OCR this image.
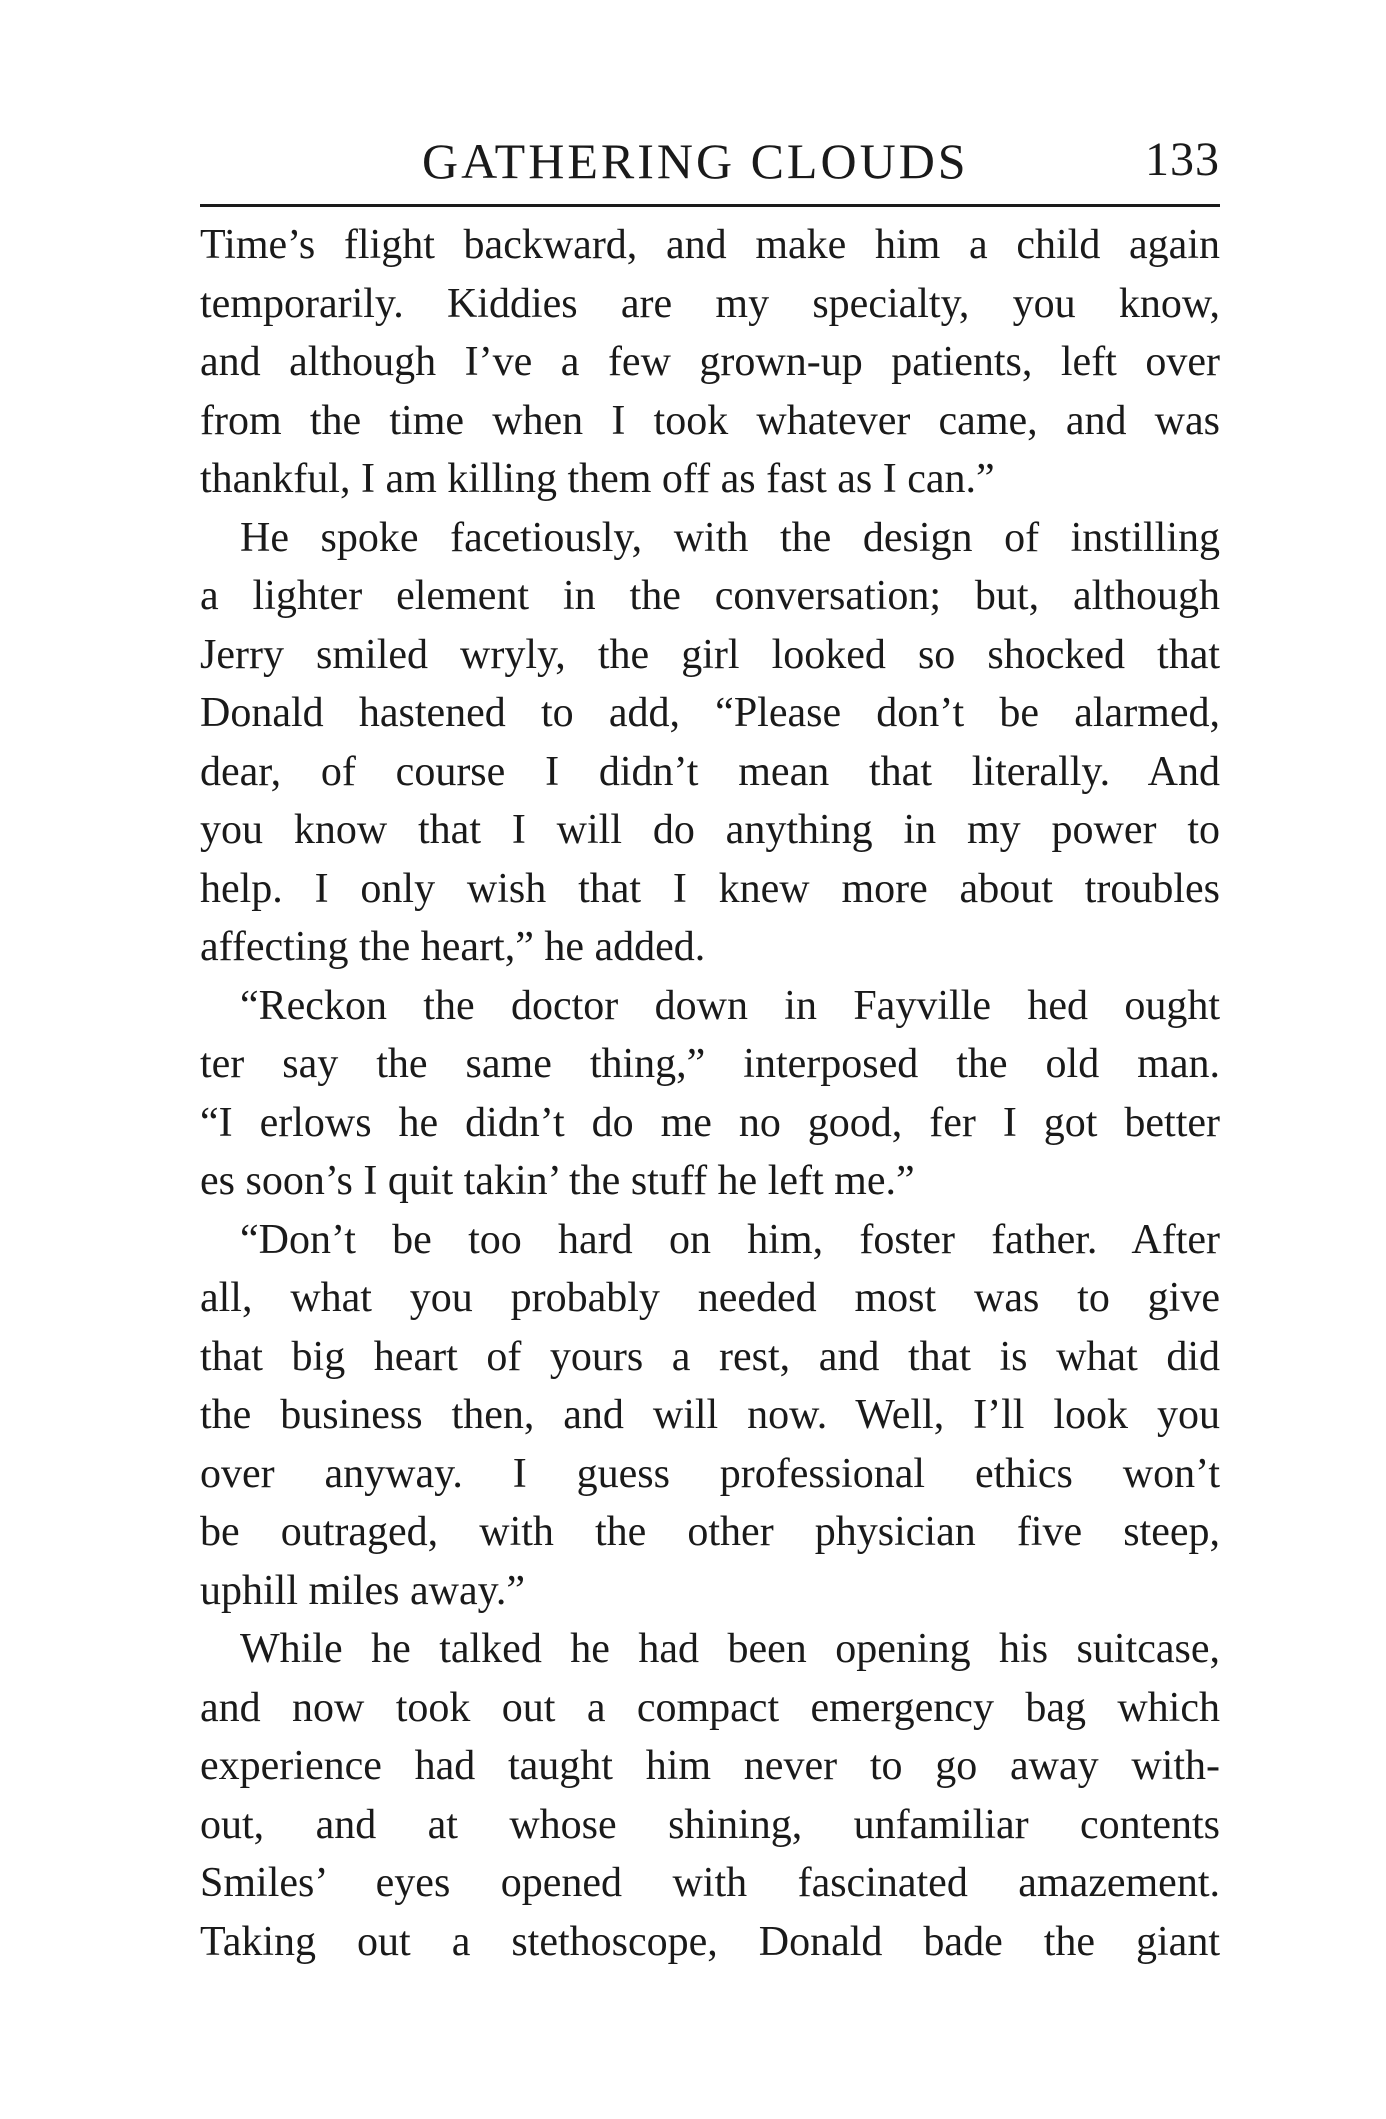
GATHERING CLOUDS	133

Time’s flight backward, and make him a child again
temporarily. Kiddies are my specialty, you know,
and although I’ve a few grown-up patients, left over
from the time when I took whatever came, and was
thankful, I am killing them off as fast as I can.”

He spoke facetiously, with the design of instilling
a lighter element in the conversation; but, although
Jerry smiled wryly, the girl looked so shocked that
Donald hastened to add, “Please don’t be alarmed,
dear, of course I didn’t mean that literally. And
you know that I will do anything in my power to
help. I only wish that I knew more about troubles
affecting the heart,” he added.

“Reckon the doctor down in Fayville hed ought
ter say the same thing,” interposed the old man.
“I erlows he didn’t do me no good, fer I got better
es soon’s I quit takin’ the stuff he left me.”

“Don’t be too hard on him, foster father. After
all, what you probably needed most was to give
that big heart of yours a rest, and that is what did
the business then, and will now. Well, I’ll look you
over anyway. I guess professional ethics won’t
be outraged, with the other physician five steep,
uphill miles away.”

While he talked he had been opening his suitcase,
and now took out a compact emergency bag which
experience had taught him never to go away with-
out, and at whose shining, unfamiliar contents
Smiles’ eyes opened with fascinated amazement.
Taking out a stethoscope, Donald bade the giant
